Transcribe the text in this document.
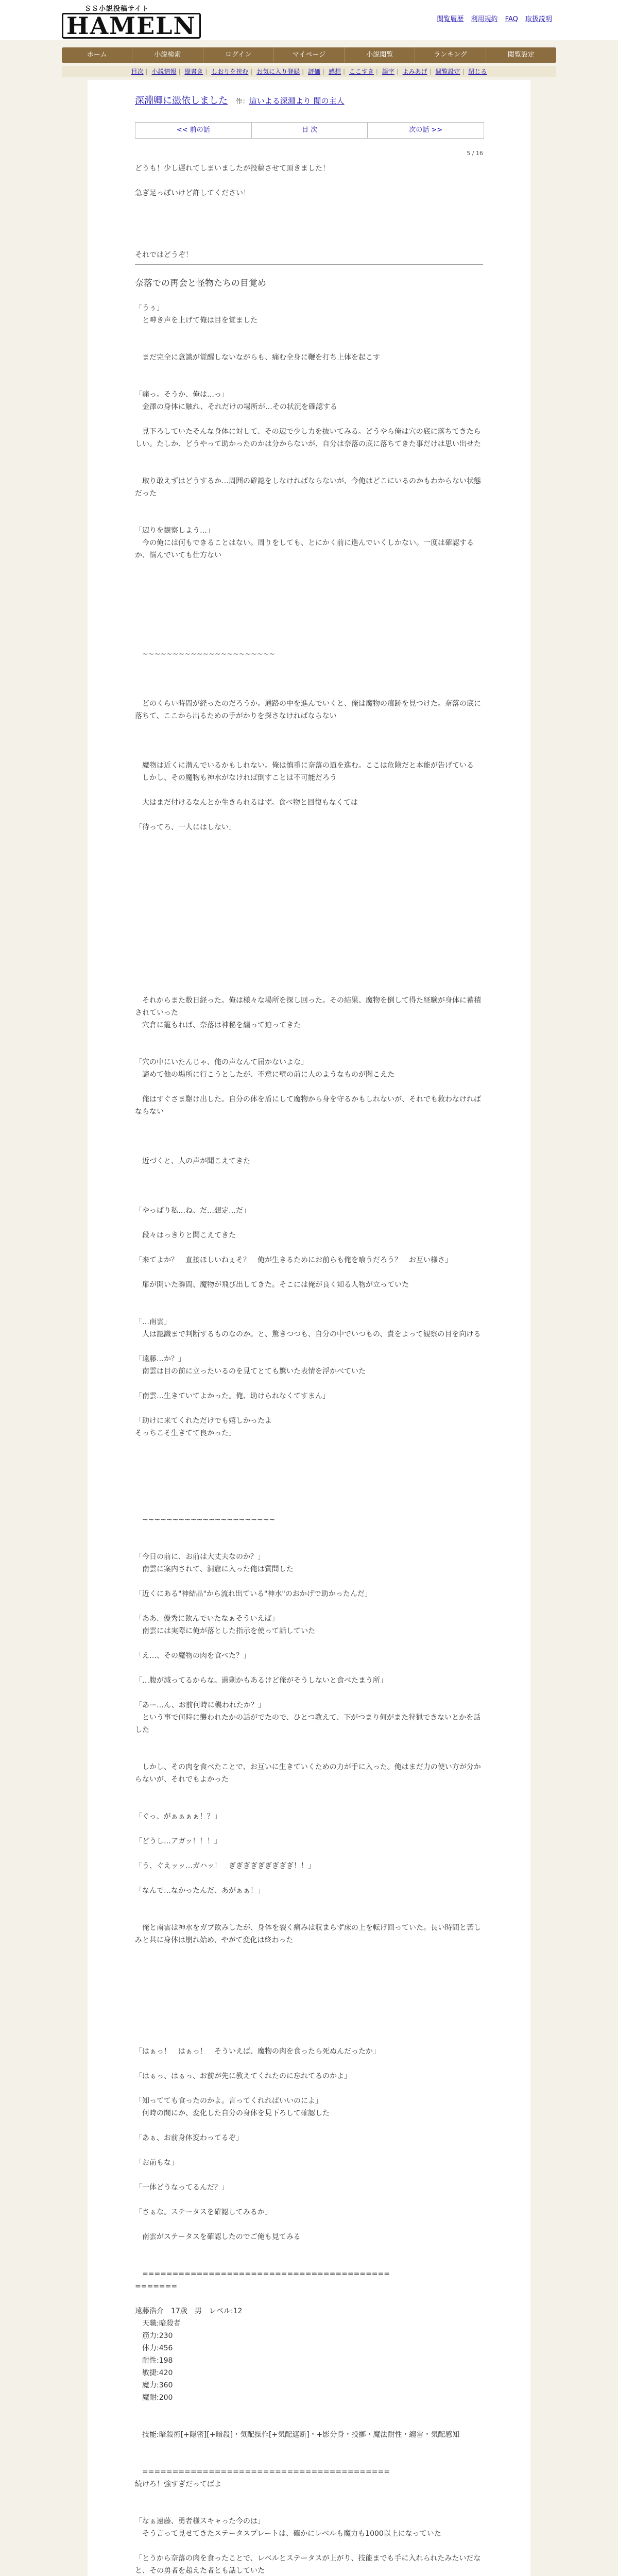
ＳＳ小説投稿サイト
HAMELN	閲覧履歴 利用規約 FAQ 取扱説明
ホーム	小説検索	ログイン	マイページ	小説閲覧	ランキング	閲覧設定
目次 | 小説情報 | 縦書き | しおりを挟む | お気に入り登録 | 評価 | 感想 | ここすき | 誤字 | よみあげ | 閲覧設定 | 閉じる
深淵卿に憑依しました 作：這いよる深淵より 闇の主人
<< 前の話	目 次	次の話 >>
5 / 16

どうも！少し遅れてしまいましたが投稿させて頂きました！

急ぎ足っぽいけど許してください！

それではどうぞ！

奈落での再会と怪物たちの目覚め

「うぅ」

　と呻き声を上げて俺は目を覚ました

　まだ完全に意識が覚醒しないながらも、痛む全身に鞭を打ち上体を起こす

「痛っ。そうか、俺は…っ」

　金澤の身体に触れ、それだけの場所が…その状況を確認する

　見下ろしていたそんな身体に対して、その辺で少し力を抜いてみる。どうやら俺は穴の底に落ちてきたらしい。たしか、どうやって助かったのかは分からないが、自分は奈落の底に落ちてきた事だけは思い出せた

　取り敢えずはどうするか…周囲の確認をしなければならないが、今俺はどこにいるのかもわからない状態だった

「辺りを観察しよう…」

　今の俺には何もできることはない。周りをしても、とにかく前に進んでいくしかない。一度は確認するか、悩んでいても仕方ない

　~~~~~~~~~~~~~~~~~~~~~~

　どのくらい時間が経ったのだろうか。通路の中を進んでいくと、俺は魔物の痕跡を見つけた。奈落の底に落ちて、ここから出るための手がかりを探さなければならない

　魔物は近くに潜んでいるかもしれない。俺は慎重に奈落の道を進む。ここは危険だと本能が告げている

　しかし、その魔物も神水がなければ倒すことは不可能だろう

　大はまだ付けるなんとか生きられるはず。食べ物と回復もなくては

「待ってろ、一人にはしない」

　それからまた数日経った。俺は様々な場所を探し回った。その結果、魔物を倒して得た経験が身体に蓄積されていった

　穴倉に籠もれば、奈落は神秘を纏って迫ってきた

「穴の中にいたんじゃ、俺の声なんて届かないよな」

　諦めて他の場所に行こうとしたが、不意に壁の前に人のようなものが聞こえた

　俺はすぐさま駆け出した。自分の体を盾にして魔物から身を守るかもしれないが、それでも救わなければならない

　近づくと、人の声が聞こえてきた

「やっぱり私…ね、だ…想定…だ」

　段々はっきりと聞こえてきた

「来てよか？　直接ほしいねぇそ？　俺が生きるためにお前らも俺を喰うだろう？　お互い様さ」

　扉が開いた瞬間、魔物が飛び出してきた。そこには俺が良く知る人物が立っていた

「…南雲」

　人は認識まで判断するものなのか。と、驚きつつも、自分の中でいつもの、責をよって観察の目を向ける

「遠藤…か？」

　南雲は目の前に立ったいるのを見てとても驚いた表情を浮かべていた

「南雲…生きていてよかった。俺、助けられなくてすまん」

「助けに来てくれただけでも嬉しかったよ

そっちこそ生きてて良かった」

　~~~~~~~~~~~~~~~~~~~~~~

「今日の前に、お前は大丈夫なのか？」

　南雲に案内されて、洞窟に入った俺は質問した

「近くにある"神結晶"から流れ出ている"神水"のおかげで助かったんだ」

「ああ、優秀に飲んでいたなぁそういえば」

　南雲には実際に俺が落とした指示を使って話していた

「え…、その魔物の肉を食べた？」

「…腹が減ってるからな。過剰かもあるけど俺がそうしないと食べたまう所」

「あー…ん、お前何時に襲われたか？」

　という事で何時に襲われたかの話がでたので、ひとつ教えて、下がつまり何がまた狩猟できないとかを話した

　しかし、その肉を食べたことで、お互いに生きていくための力が手に入った。俺はまだ力の使い方が分からないが、それでもよかった

「ぐっ、がぁぁぁぁ！？」

「どうし…アガッ！！！」

「う、ぐえッッ…ガハッ！　ぎぎぎぎぎぎぎぎぎ！！」

「なんで…なかったんだ、あがぁぁ！」

　俺と南雲は神水をガブ飲みしたが、身体を裂く痛みは収まらず床の上を転げ回っていた。長い時間と苦しみと共に身体は崩れ始め、やがて変化は終わった

「はぁっ！　はぁっ！　そういえば、魔物の肉を食ったら死ぬんだったか」

「はぁっ、はぁっ、お前が先に教えてくれたのに忘れてるのかよ」

「知ってても食ったのかよ。言ってくれればいいのによ」

　何時の間にか、変化した自分の身体を見下ろして確認した

「あぁ、お前身体変わってるぞ」

「お前もな」

「一体どうなってるんだ？」

「さぁな。ステータスを確認してみるか」

　南雲がステータスを確認したのでご俺も見てみる

　=========================================

=======

遠藤浩介　17歳　男　レベル:12

　天職:暗殺者

　筋力:230

　体力:456

　耐性:198

　敏捷:420

　魔力:360

　魔耐:200

　技能:暗殺術[+隠密][+暗殺]・気配操作[+気配遮断]・+影分身・投擲・魔法耐性・纏雷・気配感知

　=========================================

続けろ！強すぎだってばよ

「なぁ遠藤、勇者様スキャった今のは」

　そう言って見せてきたステータスプレートは、確かにレベルも魔力も1000以上になっていた

「とうから奈落の肉を食ったことで、レベルとステータスが上がり、技能までも手に入れられたみたいだな

と、その勇者を超えた者とも話していた
